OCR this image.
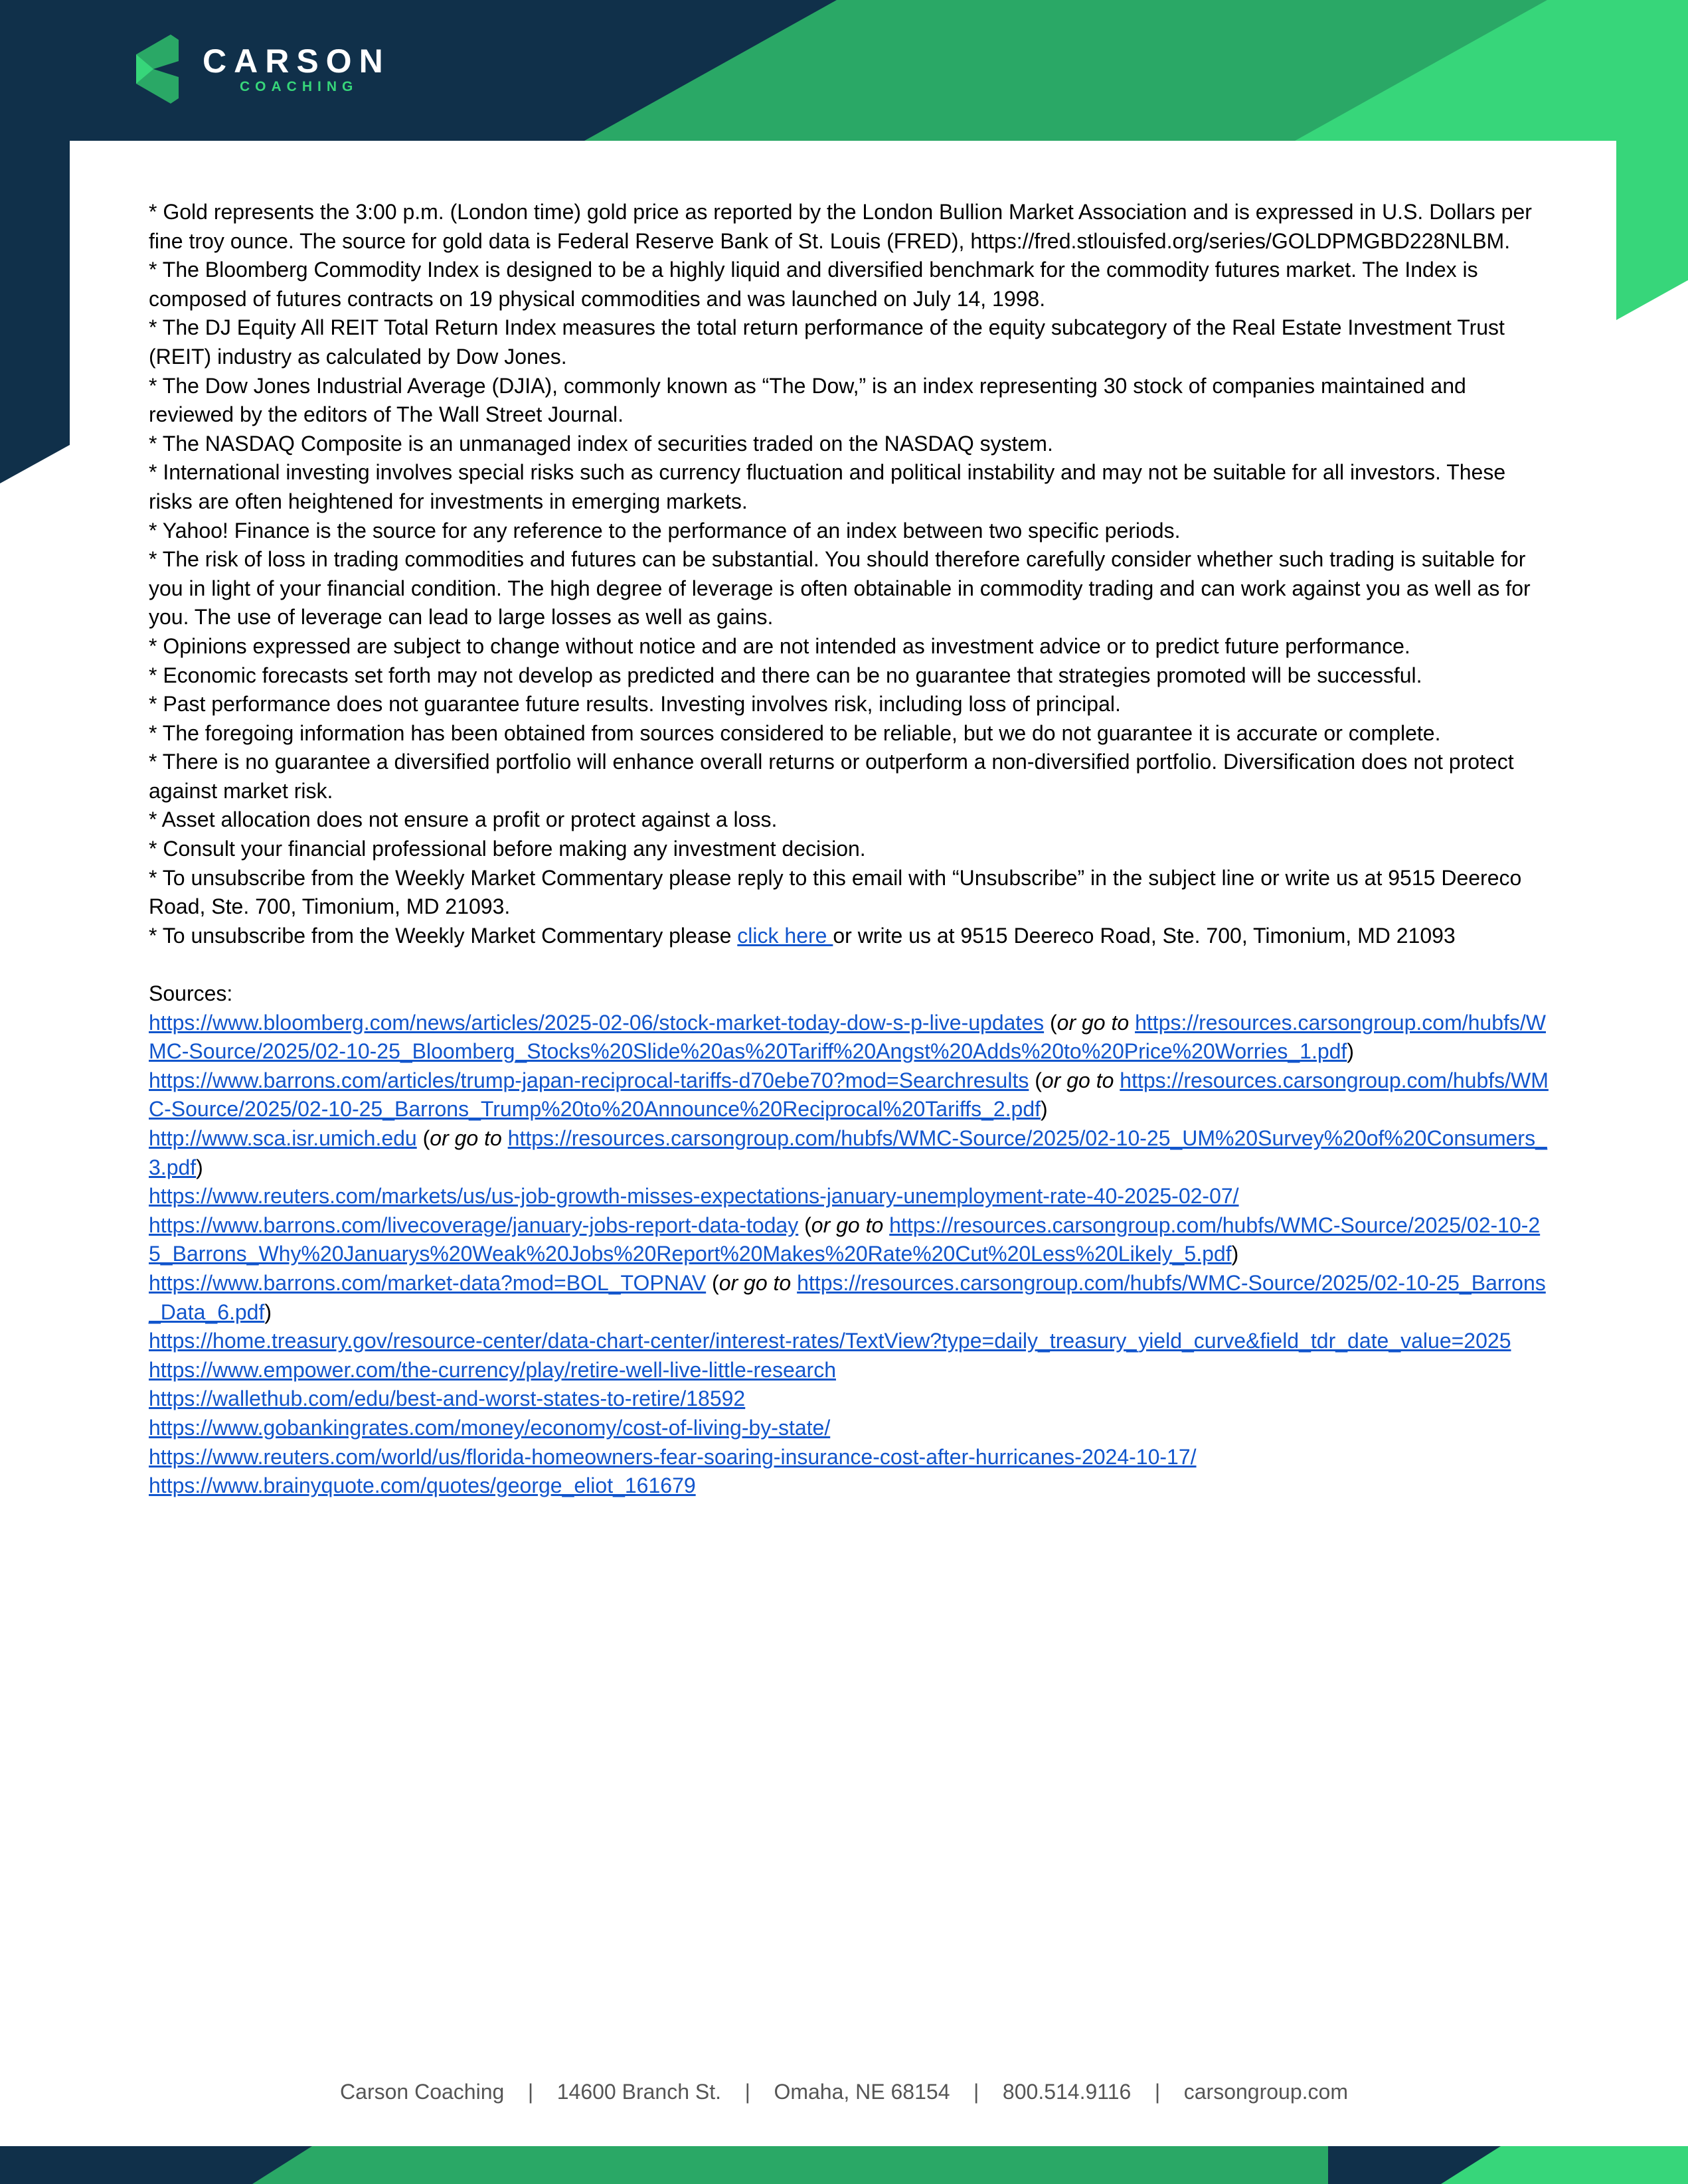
CARSON
COACHING

* Gold represents the 3:00 p.m. (London time) gold price as reported by the London Bullion Market Association and is expressed in U.S. Dollars per fine troy ounce. The source for gold data is Federal Reserve Bank of St. Louis (FRED), https://fred.stlouisfed.org/series/GOLDPMGBD228NLBM.

* The Bloomberg Commodity Index is designed to be a highly liquid and diversified benchmark for the commodity futures market. The Index is composed of futures contracts on 19 physical commodities and was launched on July 14, 1998.

* The DJ Equity All REIT Total Return Index measures the total return performance of the equity subcategory of the Real Estate Investment Trust (REIT) industry as calculated by Dow Jones.

* The Dow Jones Industrial Average (DJIA), commonly known as “The Dow,” is an index representing 30 stock of companies maintained and reviewed by the editors of The Wall Street Journal.

* The NASDAQ Composite is an unmanaged index of securities traded on the NASDAQ system.

* International investing involves special risks such as currency fluctuation and political instability and may not be suitable for all investors. These risks are often heightened for investments in emerging markets.

* Yahoo! Finance is the source for any reference to the performance of an index between two specific periods.

* The risk of loss in trading commodities and futures can be substantial. You should therefore carefully consider whether such trading is suitable for you in light of your financial condition. The high degree of leverage is often obtainable in commodity trading and can work against you as well as for you. The use of leverage can lead to large losses as well as gains.

* Opinions expressed are subject to change without notice and are not intended as investment advice or to predict future performance.

* Economic forecasts set forth may not develop as predicted and there can be no guarantee that strategies promoted will be successful.

* Past performance does not guarantee future results. Investing involves risk, including loss of principal.

* The foregoing information has been obtained from sources considered to be reliable, but we do not guarantee it is accurate or complete.

* There is no guarantee a diversified portfolio will enhance overall returns or outperform a non-diversified portfolio. Diversification does not protect against market risk.

* Asset allocation does not ensure a profit or protect against a loss.

* Consult your financial professional before making any investment decision.

* To unsubscribe from the Weekly Market Commentary please reply to this email with “Unsubscribe” in the subject line or write us at 9515 Deereco Road, Ste. 700, Timonium, MD 21093.

* To unsubscribe from the Weekly Market Commentary please click here or write us at 9515 Deereco Road, Ste. 700, Timonium, MD 21093

Sources:

https://www.bloomberg.com/news/articles/2025-02-06/stock-market-today-dow-s-p-live-updates (or go to https://resources.carsongroup.com/hubfs/WMC-Source/2025/02-10-25_Bloomberg_Stocks%20Slide%20as%20Tariff%20Angst%20Adds%20to%20Price%20Worries_1.pdf)

https://www.barrons.com/articles/trump-japan-reciprocal-tariffs-d70ebe70?mod=Searchresults (or go to https://resources.carsongroup.com/hubfs/WMC-Source/2025/02-10-25_Barrons_Trump%20to%20Announce%20Reciprocal%20Tariffs_2.pdf)

http://www.sca.isr.umich.edu (or go to https://resources.carsongroup.com/hubfs/WMC-Source/2025/02-10-25_UM%20Survey%20of%20Consumers_3.pdf)

https://www.reuters.com/markets/us/us-job-growth-misses-expectations-january-unemployment-rate-40-2025-02-07/

https://www.barrons.com/livecoverage/january-jobs-report-data-today (or go to https://resources.carsongroup.com/hubfs/WMC-Source/2025/02-10-25_Barrons_Why%20Januarys%20Weak%20Jobs%20Report%20Makes%20Rate%20Cut%20Less%20Likely_5.pdf)

https://www.barrons.com/market-data?mod=BOL_TOPNAV (or go to https://resources.carsongroup.com/hubfs/WMC-Source/2025/02-10-25_Barrons_Data_6.pdf)

https://home.treasury.gov/resource-center/data-chart-center/interest-rates/TextView?type=daily_treasury_yield_curve&field_tdr_date_value=2025

https://www.empower.com/the-currency/play/retire-well-live-little-research

https://wallethub.com/edu/best-and-worst-states-to-retire/18592

https://www.gobankingrates.com/money/economy/cost-of-living-by-state/

https://www.reuters.com/world/us/florida-homeowners-fear-soaring-insurance-cost-after-hurricanes-2024-10-17/

https://www.brainyquote.com/quotes/george_eliot_161679

Carson Coaching    |    14600 Branch St.    |    Omaha, NE 68154    |    800.514.9116    |    carsongroup.com
